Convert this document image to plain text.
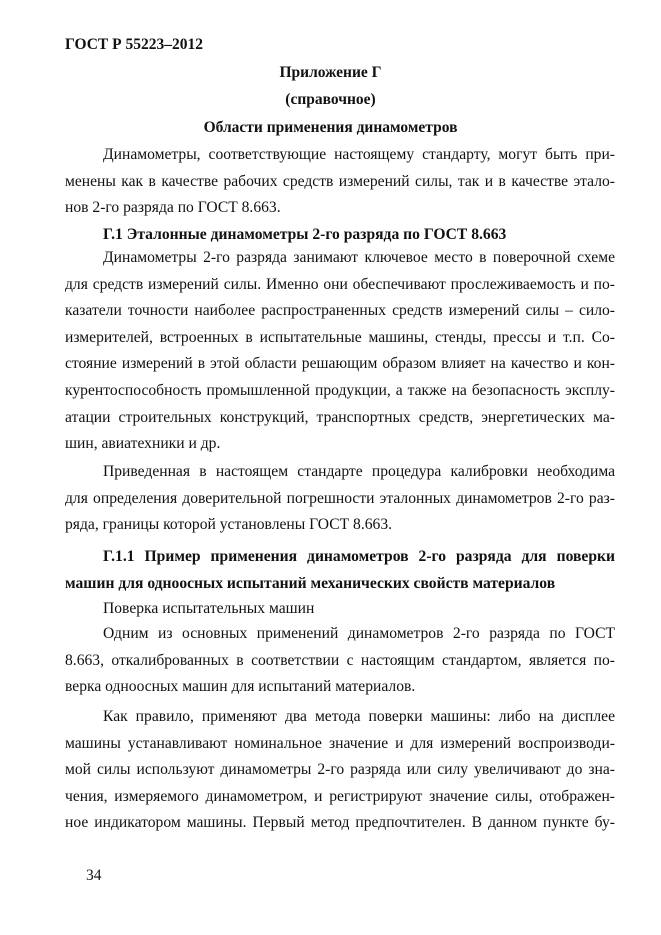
ГОСТ Р 55223–2012
Приложение Г
(справочное)
Области применения динамометров
Динамометры, соответствующие настоящему стандарту, могут быть при-
менены как в качестве рабочих средств измерений силы, так и в качестве этало-
нов 2-го разряда по ГОСТ 8.663.
Г.1 Эталонные динамометры 2-го разряда по ГОСТ 8.663
Динамометры 2-го разряда занимают ключевое место в поверочной схеме
для средств измерений силы. Именно они обеспечивают прослеживаемость и по-
казатели точности наиболее распространенных средств измерений силы – сило-
измерителей, встроенных в испытательные машины, стенды, прессы и т.п. Со-
стояние измерений в этой области решающим образом влияет на качество и кон-
курентоспособность промышленной продукции, а также на безопасность эксплу-
атации строительных конструкций, транспортных средств, энергетических ма-
шин, авиатехники и др.
Приведенная в настоящем стандарте процедура калибровки необходима
для определения доверительной погрешности эталонных динамометров 2-го раз-
ряда, границы которой установлены ГОСТ 8.663.
Г.1.1 Пример применения динамометров 2-го разряда для поверки
машин для одноосных испытаний механических свойств материалов
Поверка испытательных машин
Одним из основных применений динамометров 2-го разряда по ГОСТ
8.663, откалиброванных в соответствии с настоящим стандартом, является по-
верка одноосных машин для испытаний материалов.
Как правило, применяют два метода поверки машины: либо на дисплее
машины устанавливают номинальное значение и для измерений воспроизводи-
мой силы используют динамометры 2-го разряда или силу увеличивают до зна-
чения, измеряемого динамометром, и регистрируют значение силы, отображен-
ное индикатором машины. Первый метод предпочтителен. В данном пункте бу-
34
